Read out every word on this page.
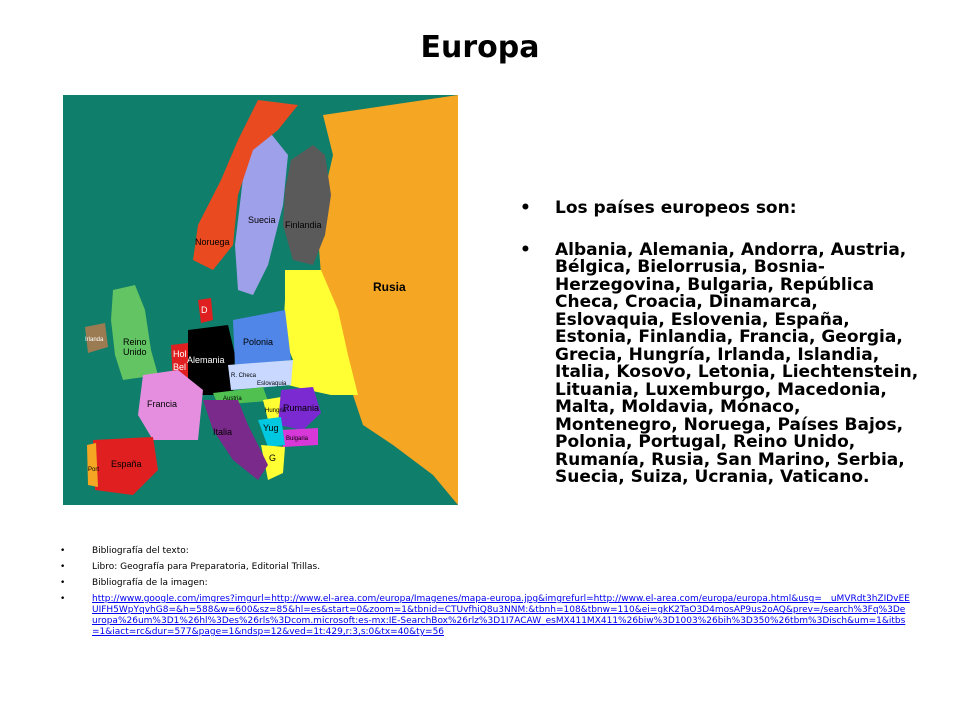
Europa
Rusia
Finlandia
Suecia
Noruega
D
Reino Unido
Irlanda
Hol
Bel
Alemania
Polonia
R. Checa
Eslovaquia
Austria
Hungria
Rumania
Yug
Bulgaria
G
Francia
Italia
España
Port
• Los países europeos son:
• Albania, Alemania, Andorra, Austria, Bélgica, Bielorrusia, Bosnia-Herzegovina, Bulgaria, República Checa, Croacia, Dinamarca, Eslovaquia, Eslovenia, España, Estonia, Finlandia, Francia, Georgia, Grecia, Hungría, Irlanda, Islandia, Italia, Kosovo, Letonia, Liechtenstein, Lituania, Luxemburgo, Macedonia, Malta, Moldavia, Mónaco, Montenegro, Noruega, Países Bajos, Polonia, Portugal, Reino Unido, Rumanía, Rusia, San Marino, Serbia, Suecia, Suiza, Ucrania, Vaticano.
•	Bibliografía del texto:
•	Libro: Geografía para Preparatoria, Editorial Trillas.
•	Bibliografía de la imagen:
•	http://www.google.com/imgres?imgurl=http://www.el-area.com/europa/Imagenes/mapa-europa.jpg&imgrefurl=http://www.el-area.com/europa/europa.html&usg=__uMVRdt3hZIDvEEUIFH5WpYqvhG8=&h=588&w=600&sz=85&hl=es&start=0&zoom=1&tbnid=CTUvfhiQ8u3NNM:&tbnh=108&tbnw=110&ei=gkK2TaO3D4mosAP9us2oAQ&prev=/search%3Fq%3Deuropa%26um%3D1%26hl%3Des%26rls%3Dcom.microsoft:es-mx:IE-SearchBox%26rlz%3D1I7ACAW_esMX411MX411%26biw%3D1003%26bih%3D350%26tbm%3Disch&um=1&itbs=1&iact=rc&dur=577&page=1&ndsp=12&ved=1t:429,r:3,s:0&tx=40&ty=56
